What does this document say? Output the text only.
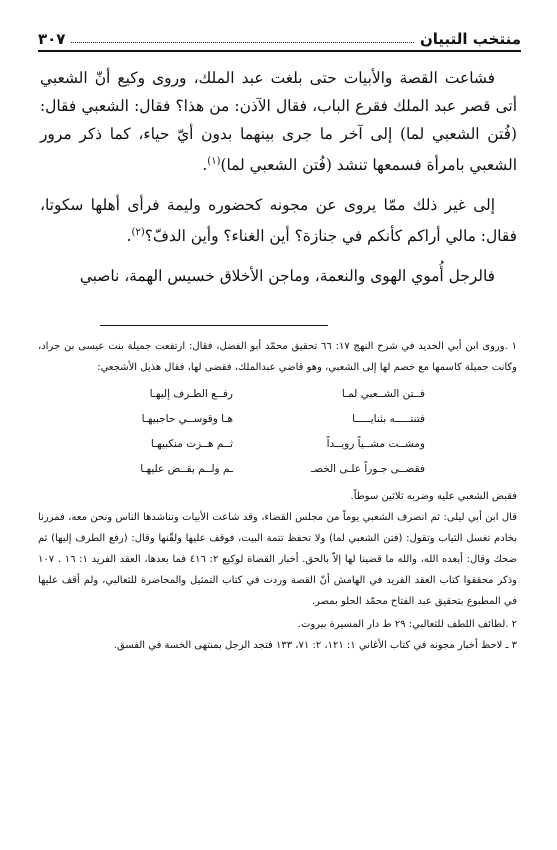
منتخب التبيان
٣٠٧

فشاعت القصة والأبيات حتى بلغت عبد الملك، وروى وكيع أنّ الشعبي أتى قصر عبد الملك فقرع الباب، فقال الآذن: من هذا؟ فقال: الشعبي فقال: (فُتن الشعبي لما) إلى آخر ما جرى بينهما بدون أيّ حياء، كما ذكر مرور الشعبي بامرأة فسمعها تنشد (فُتن الشعبي لما)$^{(١)}$.

إلى غير ذلك ممّا يروى عن مجونه كحضوره وليمة فرأى أهلها سكوتا، فقال: مالي أراكم كأنكم في جنازة؟ أين الغناء؟ وأين الدفّ؟$^{(٢)}$.

فالرجل أُموي الهوى والنعمة، وماجن الأخلاق خسيس الهمة، ناصبي

١ .وروى ابن أبي الحديد في شرح النهج ١٧: ٦٦ تحقيق محمّد أبو الفضل، فقال: ارتفعت جميلة بنت عيسى بن جراد، وكانت جميلة كاسمها مع خصم لها إلى الشعبي، وهو قاضي عبدالملك، فقضى لها، فقال هذيل الأشجعي:

فــتن الشــعبي لمـا
رفــع الطـرف إليهـا
فتنتـــــه بثنايـــــا
هـا وقوســي حاجبيهـا
ومشــت مشــياً رويــداً
ثــم هــزت منكبيهـا
فقضــى جـوراً علـى الخصـ
ـم ولــم يقــض عليهـا

فقبض الشعبي عليه وضربه ثلاثين سوطاً.

قال ابن أبي ليلى: ثم انصرف الشعبي يوماً من مجلس القضاء، وقد شاعت الأبيات وتناشدها الناس ونحن معه، فمررنا بخادم تغسل الثياب وتقول: (فتن الشعبي لما) ولا تحفظ تتمة البيت، فوقف عليها ولقّنها وقال: (رفع الطرف إليها) ثم ضحك وقال: أبعده الله، والله ما قضينا لها إلاّ بالحق. أخبار القضاة لوكيع ٢: ٤١٦ فما بعدها، العقد الفريد ١: ١٦ . ١٠٧ وذكر محققوا كتاب العقد الفريد في الهامش أنّ القصة وردت في كتاب التمثيل والمحاضرة للثعالبي، ولم أقف عليها في المطبوع بتحقيق عبد الفتاح محمّد الحلو بمصر.

٢ .لطائف اللطف للثعالبي: ٢٩ ط دار المسيرة بيروت.

٣ ـ لاحظ أخبار مجونه في كتاب الأغاني ١: ١٢١، ٢: ٧١، ١٣٣ فتجد الرجل بمنتهى الخسة في الفسق.
